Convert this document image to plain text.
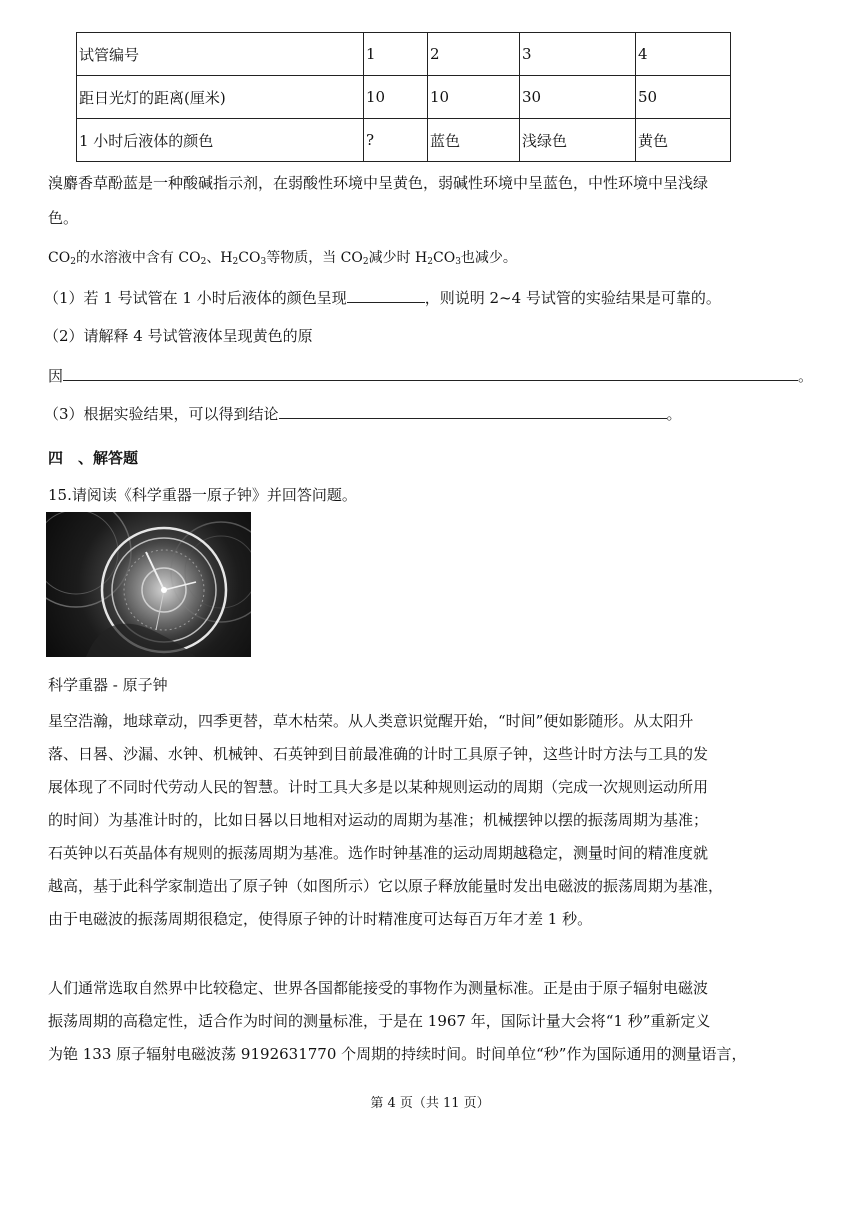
试管编号	1	2	3	4
距日光灯的距离(厘米)	10	10	30	50
1 小时后液体的颜色	?	蓝色	浅绿色	黄色
溴麝香草酚蓝是一种酸碱指示剂，在弱酸性环境中呈黄色，弱碱性环境中呈蓝色，中性环境中呈浅绿
色。
$CO_2$的水溶液中含有 $CO_2$、$H_2CO_3$等物质，当 $CO_2$减少时 $H_2CO_3$也减少。
（1）若 1 号试管在 1 小时后液体的颜色呈现	，则说明 2~4 号试管的实验结果是可靠的。
（2）请解释 4 号试管液体呈现黄色的原
因	。
（3）根据实验结果，可以得到结论	。
四　、解答题
15.请阅读《科学重器一原子钟》并回答问题。
科学重器 - 原子钟
星空浩瀚，地球章动，四季更替，草木枯荣。从人类意识觉醒开始，“时间”便如影随形。从太阳升
落、日晷、沙漏、水钟、机械钟、石英钟到目前最准确的计时工具原子钟，这些计时方法与工具的发
展体现了不同时代劳动人民的智慧。计时工具大多是以某种规则运动的周期（完成一次规则运动所用
的时间）为基准计时的，比如日晷以日地相对运动的周期为基准；机械摆钟以摆的振荡周期为基准；
石英钟以石英晶体有规则的振荡周期为基准。选作时钟基准的运动周期越稳定，测量时间的精准度就
越高，基于此科学家制造出了原子钟（如图所示）它以原子释放能量时发出电磁波的振荡周期为基准，
由于电磁波的振荡周期很稳定，使得原子钟的计时精准度可达每百万年才差 1 秒。
人们通常选取自然界中比较稳定、世界各国都能接受的事物作为测量标准。正是由于原子辐射电磁波
振荡周期的高稳定性，适合作为时间的测量标准，于是在 1967 年，国际计量大会将“1 秒”重新定义
为铯 133 原子辐射电磁波荡 9192631770 个周期的持续时间。时间单位“秒”作为国际通用的测量语言，
第 4 页（共 11 页）
